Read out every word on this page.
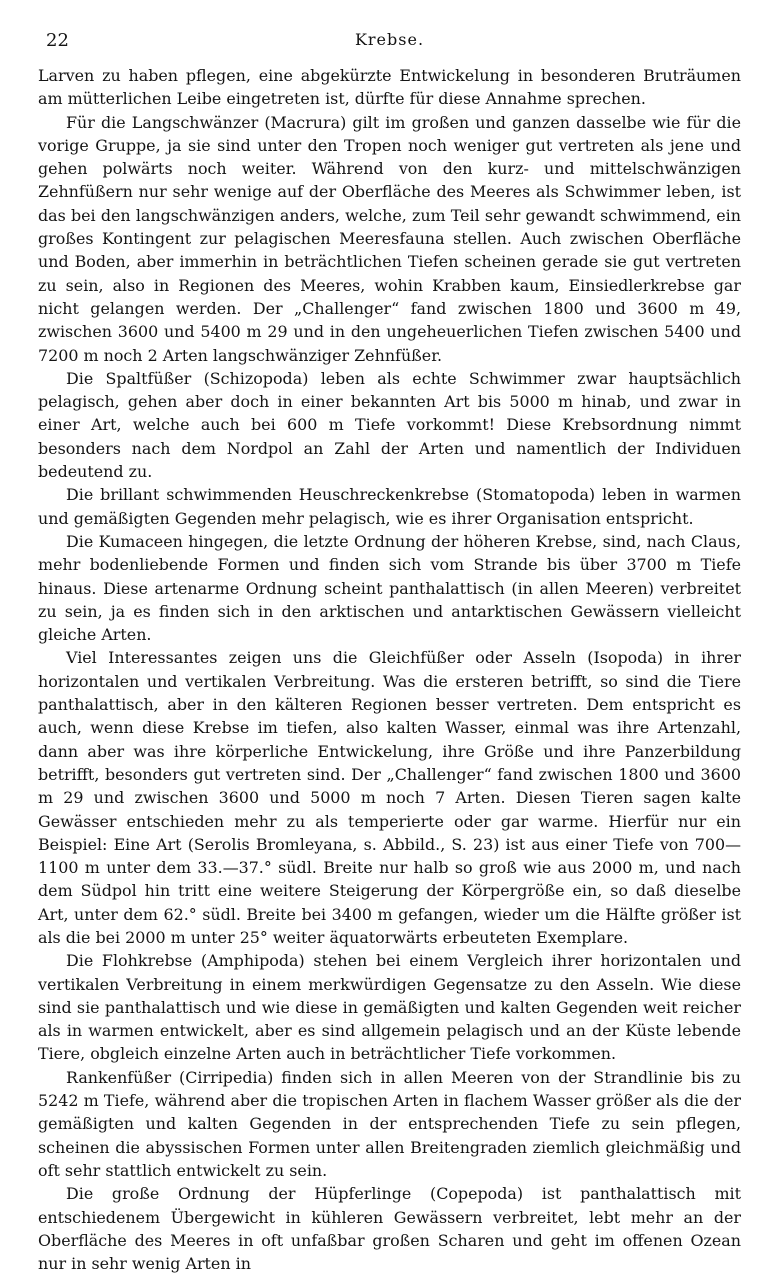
22	Krebse.

Larven zu haben pflegen, eine abgekürzte Entwickelung in besonderen Bruträumen am mütterlichen Leibe eingetreten ist, dürfte für diese Annahme sprechen.

Für die Langschwänzer (Macrura) gilt im großen und ganzen dasselbe wie für die vorige Gruppe, ja sie sind unter den Tropen noch weniger gut vertreten als jene und gehen polwärts noch weiter. Während von den kurz- und mittelschwänzigen Zehnfüßern nur sehr wenige auf der Oberfläche des Meeres als Schwimmer leben, ist das bei den langschwänzigen anders, welche, zum Teil sehr gewandt schwimmend, ein großes Kontingent zur pelagischen Meeresfauna stellen. Auch zwischen Oberfläche und Boden, aber immerhin in beträchtlichen Tiefen scheinen gerade sie gut vertreten zu sein, also in Regionen des Meeres, wohin Krabben kaum, Einsiedlerkrebse gar nicht gelangen werden. Der „Challenger“ fand zwischen 1800 und 3600 m 49, zwischen 3600 und 5400 m 29 und in den ungeheuerlichen Tiefen zwischen 5400 und 7200 m noch 2 Arten langschwänziger Zehnfüßer.

Die Spaltfüßer (Schizopoda) leben als echte Schwimmer zwar hauptsächlich pelagisch, gehen aber doch in einer bekannten Art bis 5000 m hinab, und zwar in einer Art, welche auch bei 600 m Tiefe vorkommt! Diese Krebsordnung nimmt besonders nach dem Nordpol an Zahl der Arten und namentlich der Individuen bedeutend zu.

Die brillant schwimmenden Heuschreckenkrebse (Stomatopoda) leben in warmen und gemäßigten Gegenden mehr pelagisch, wie es ihrer Organisation entspricht.

Die Kumaceen hingegen, die letzte Ordnung der höheren Krebse, sind, nach Claus, mehr bodenliebende Formen und finden sich vom Strande bis über 3700 m Tiefe hinaus. Diese artenarme Ordnung scheint panthalattisch (in allen Meeren) verbreitet zu sein, ja es finden sich in den arktischen und antarktischen Gewässern vielleicht gleiche Arten.

Viel Interessantes zeigen uns die Gleichfüßer oder Asseln (Isopoda) in ihrer horizontalen und vertikalen Verbreitung. Was die ersteren betrifft, so sind die Tiere panthalattisch, aber in den kälteren Regionen besser vertreten. Dem entspricht es auch, wenn diese Krebse im tiefen, also kalten Wasser, einmal was ihre Artenzahl, dann aber was ihre körperliche Entwickelung, ihre Größe und ihre Panzerbildung betrifft, besonders gut vertreten sind. Der „Challenger“ fand zwischen 1800 und 3600 m 29 und zwischen 3600 und 5000 m noch 7 Arten. Diesen Tieren sagen kalte Gewässer entschieden mehr zu als temperierte oder gar warme. Hierfür nur ein Beispiel: Eine Art (Serolis Bromleyana, s. Abbild., S. 23) ist aus einer Tiefe von 700—1100 m unter dem 33.—37.° südl. Breite nur halb so groß wie aus 2000 m, und nach dem Südpol hin tritt eine weitere Steigerung der Körpergröße ein, so daß dieselbe Art, unter dem 62.° südl. Breite bei 3400 m gefangen, wieder um die Hälfte größer ist als die bei 2000 m unter 25° weiter äquatorwärts erbeuteten Exemplare.

Die Flohkrebse (Amphipoda) stehen bei einem Vergleich ihrer horizontalen und vertikalen Verbreitung in einem merkwürdigen Gegensatze zu den Asseln. Wie diese sind sie panthalattisch und wie diese in gemäßigten und kalten Gegenden weit reicher als in warmen entwickelt, aber es sind allgemein pelagisch und an der Küste lebende Tiere, obgleich einzelne Arten auch in beträchtlicher Tiefe vorkommen.

Rankenfüßer (Cirripedia) finden sich in allen Meeren von der Strandlinie bis zu 5242 m Tiefe, während aber die tropischen Arten in flachem Wasser größer als die der gemäßigten und kalten Gegenden in der entsprechenden Tiefe zu sein pflegen, scheinen die abyssischen Formen unter allen Breitengraden ziemlich gleichmäßig und oft sehr stattlich entwickelt zu sein.

Die große Ordnung der Hüpferlinge (Copepoda) ist panthalattisch mit entschiedenem Übergewicht in kühleren Gewässern verbreitet, lebt mehr an der Oberfläche des Meeres in oft unfaßbar großen Scharen und geht im offenen Ozean nur in sehr wenig Arten in
